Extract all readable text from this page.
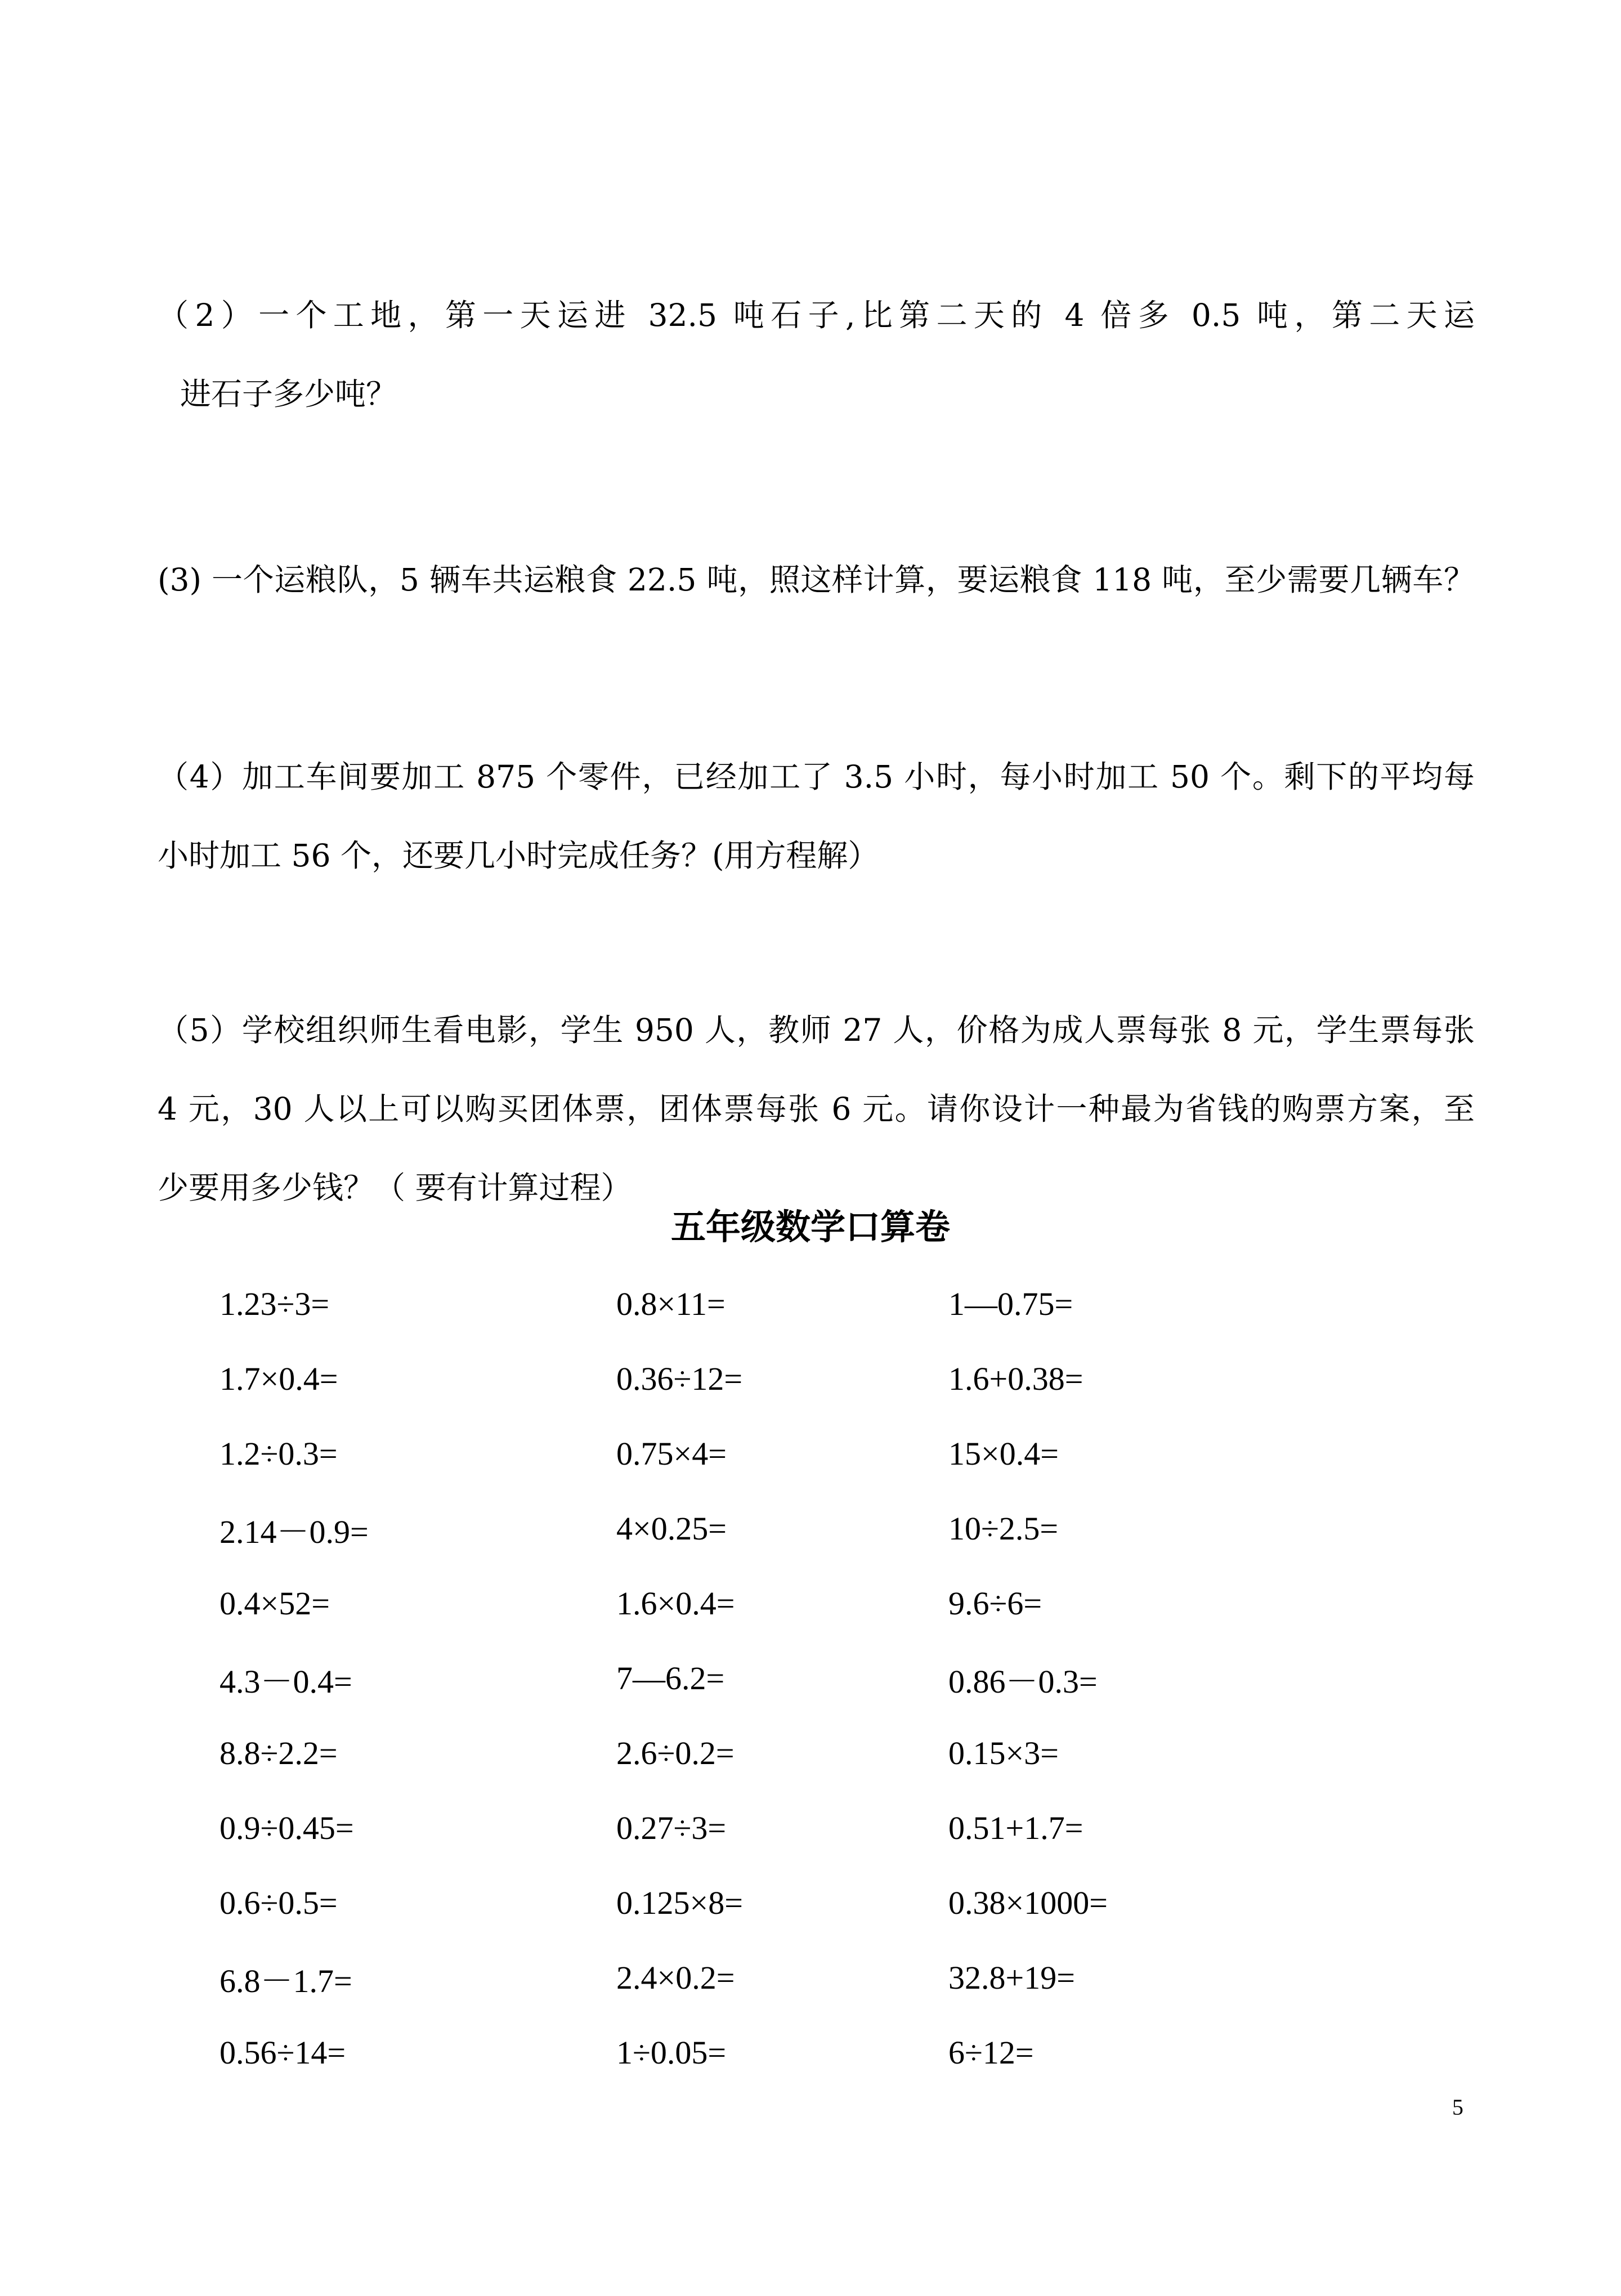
（2）一个工地，第一天运进 32.5 吨石子,比第二天的 4 倍多 0.5 吨，第二天运
进石子多少吨？
(3) 一个运粮队，5 辆车共运粮食 22.5 吨，照这样计算，要运粮食 118 吨，至少需要几辆车？
（4）加工车间要加工 875 个零件，已经加工了 3.5 小时，每小时加工 50 个。剩下的平均每
小时加工 56 个，还要几小时完成任务？(用方程解）
（5）学校组织师生看电影，学生 950 人，教师 27 人，价格为成人票每张 8 元，学生票每张
4 元，30 人以上可以购买团体票，团体票每张 6 元。请你设计一种最为省钱的购票方案，至
少要用多少钱？（ 要有计算过程）
五年级数学口算卷
1.23÷3=	0.8×11=	1—0.75=
1.7×0.4=	0.36÷12=	1.6+0.38=
1.2÷0.3=	0.75×4=	15×0.4=
2.14－0.9=	4×0.25=	10÷2.5=
0.4×52=	1.6×0.4=	9.6÷6=
4.3－0.4=	7—6.2=	0.86－0.3=
8.8÷2.2=	2.6÷0.2=	0.15×3=
0.9÷0.45=	0.27÷3=	0.51+1.7=
0.6÷0.5=	0.125×8=	0.38×1000=
6.8－1.7=	2.4×0.2=	32.8+19=
0.56÷14=	1÷0.05=	6÷12=
5
